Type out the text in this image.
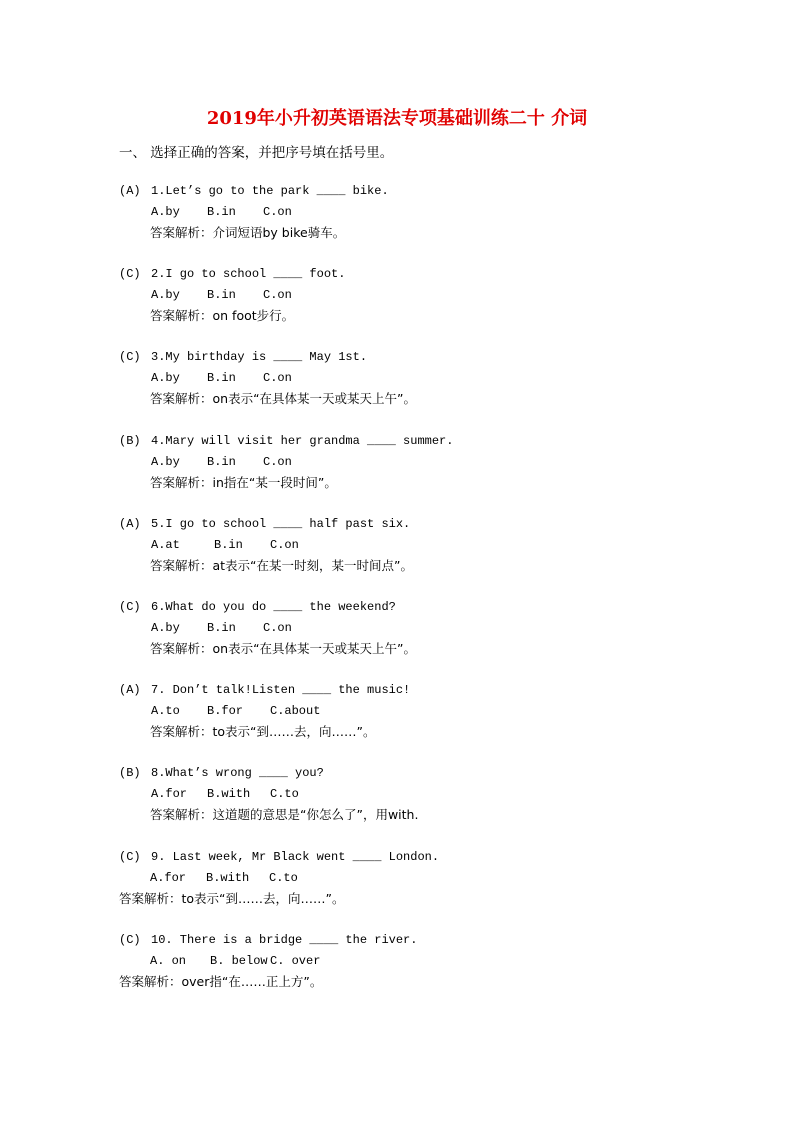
2019年小升初英语语法专项基础训练二十 介词

一、 选择正确的答案，并把序号填在括号里。

(A) 1.Let’s go to the park ____ bike.
A.by B.in C.on
答案解析：介词短语by bike骑车。
(C) 2.I go to school ____ foot.
A.by B.in C.on
答案解析：on foot步行。
(C) 3.My birthday is ____ May 1st.
A.by B.in C.on
答案解析：on表示“在具体某一天或某天上午”。
(B) 4.Mary will visit her grandma ____ summer.
A.by B.in C.on
答案解析：in指在“某一段时间”。
(A) 5.I go to school ____ half past six.
A.at	B.in C.on
答案解析：at表示“在某一时刻，某一时间点”。
(C) 6.What do you do ____ the weekend?
A.by B.in C.on
答案解析：on表示“在具体某一天或某天上午”。
(A) 7. Don’t talk!Listen ____ the music!
A.to B.for C.about
答案解析：to表示“到……去，向……”。
(B) 8.What’s wrong ____ you?
A.for B.with C.to
答案解析：这道题的意思是“你怎么了”，用with.
(C) 9. Last week, Mr Black went ____ London.
A.for B.with C.to
答案解析：to表示“到……去，向……”。
(C) 10. There is a bridge ____ the river.
A. on B. below C. over
答案解析：over指“在……正上方”。
